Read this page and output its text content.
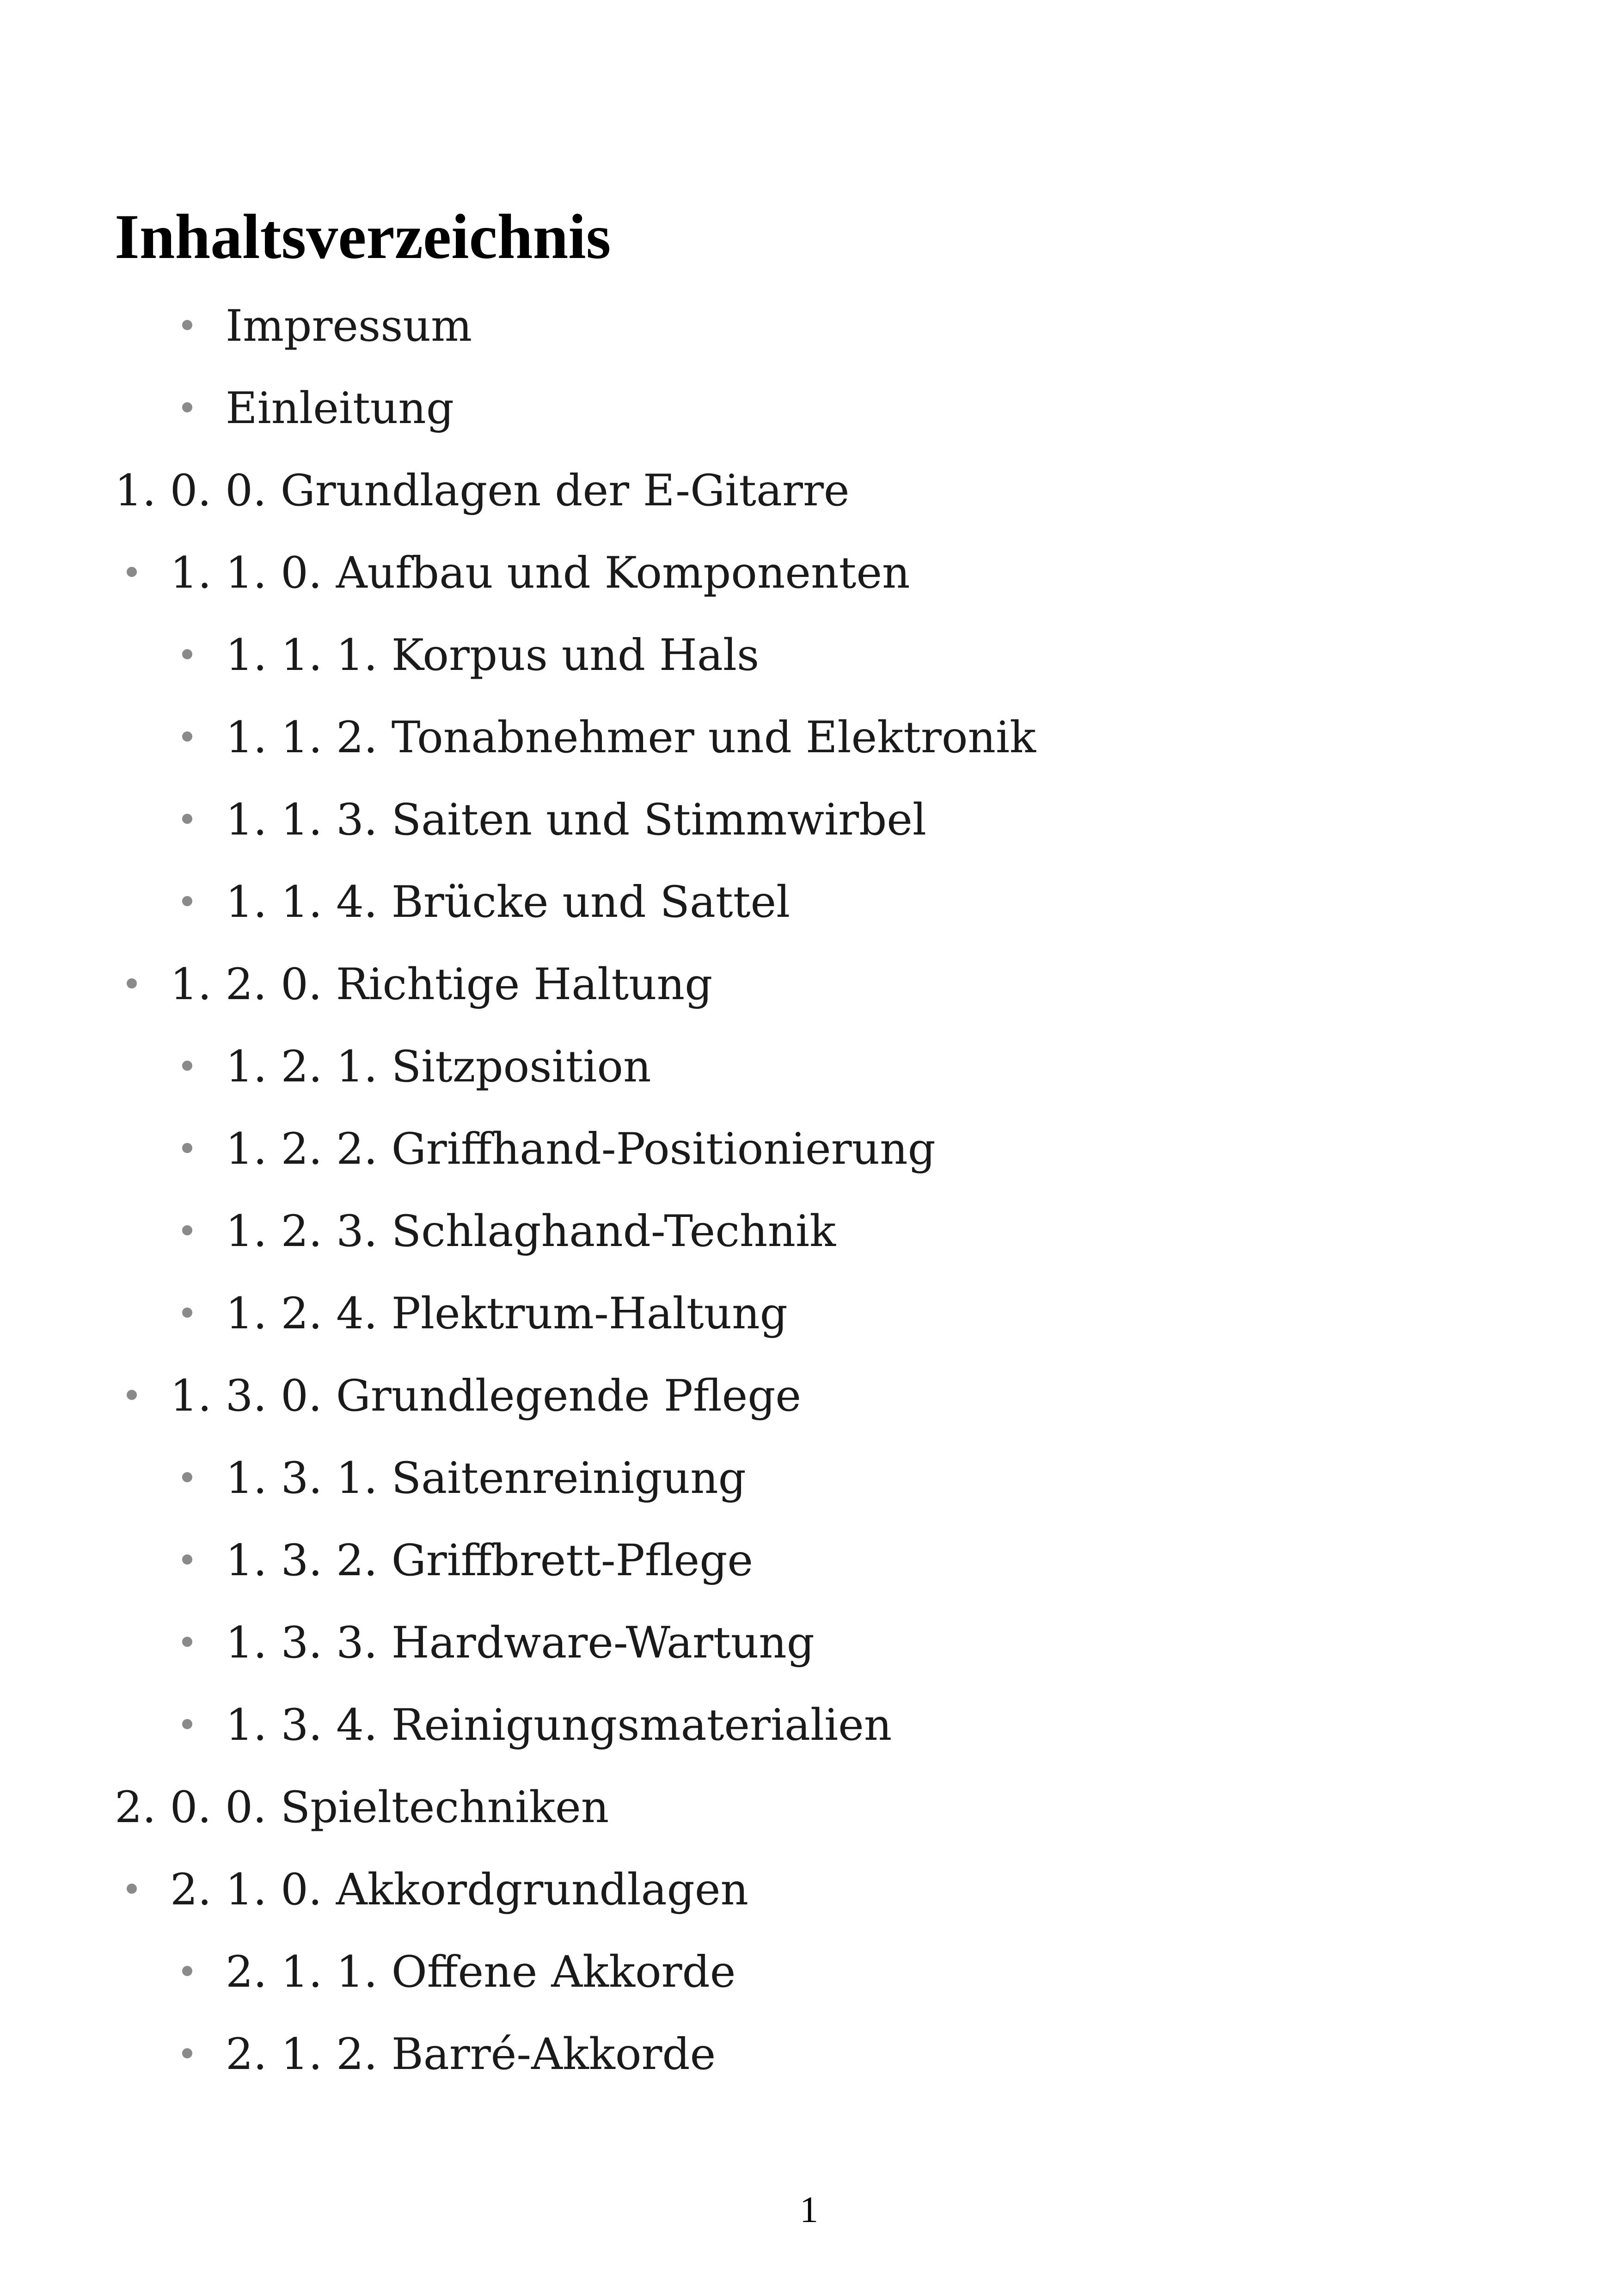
Inhaltsverzeichnis
Impressum
Einleitung
1. 0. 0. Grundlagen der E-Gitarre
1. 1. 0. Aufbau und Komponenten
1. 1. 1. Korpus und Hals
1. 1. 2. Tonabnehmer und Elektronik
1. 1. 3. Saiten und Stimmwirbel
1. 1. 4. Brücke und Sattel
1. 2. 0. Richtige Haltung
1. 2. 1. Sitzposition
1. 2. 2. Griffhand-Positionierung
1. 2. 3. Schlaghand-Technik
1. 2. 4. Plektrum-Haltung
1. 3. 0. Grundlegende Pflege
1. 3. 1. Saitenreinigung
1. 3. 2. Griffbrett-Pflege
1. 3. 3. Hardware-Wartung
1. 3. 4. Reinigungsmaterialien
2. 0. 0. Spieltechniken
2. 1. 0. Akkordgrundlagen
2. 1. 1. Offene Akkorde
2. 1. 2. Barré-Akkorde
1
